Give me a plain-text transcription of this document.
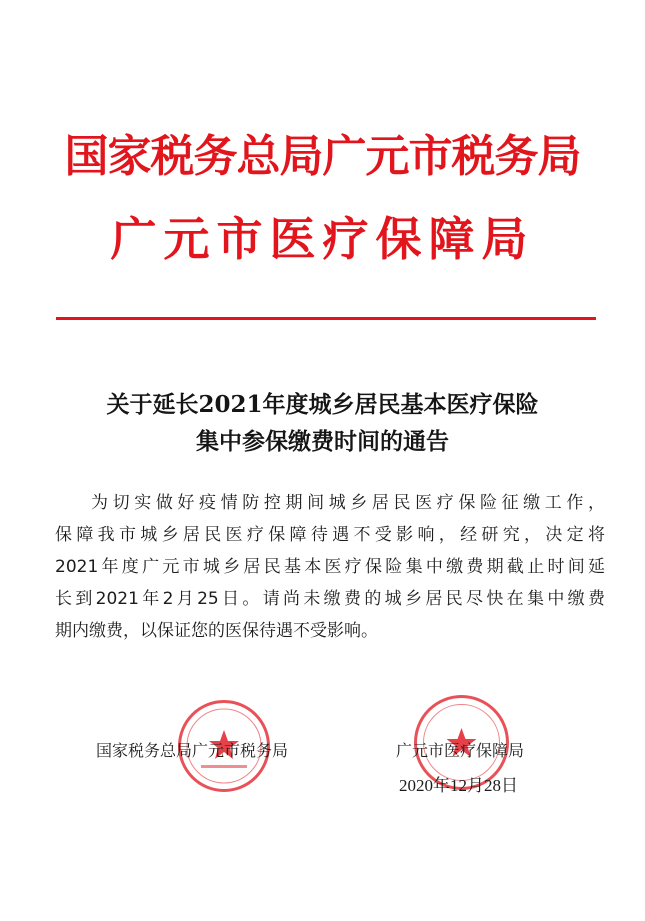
国家税务总局广元市税务局
广元市医疗保障局
关于延长2021年度城乡居民基本医疗保险
集中参保缴费时间的通告
为切实做好疫情防控期间城乡居民医疗保险征缴工作，
保障我市城乡居民医疗保障待遇不受影响，经研究，决定将
2021年度广元市城乡居民基本医疗保险集中缴费期截止时间延
长到2021年2月25日。请尚未缴费的城乡居民尽快在集中缴费
期内缴费，以保证您的医保待遇不受影响。
国家税务总局广元市税务局	广元市医疗保障局
2020年12月28日
